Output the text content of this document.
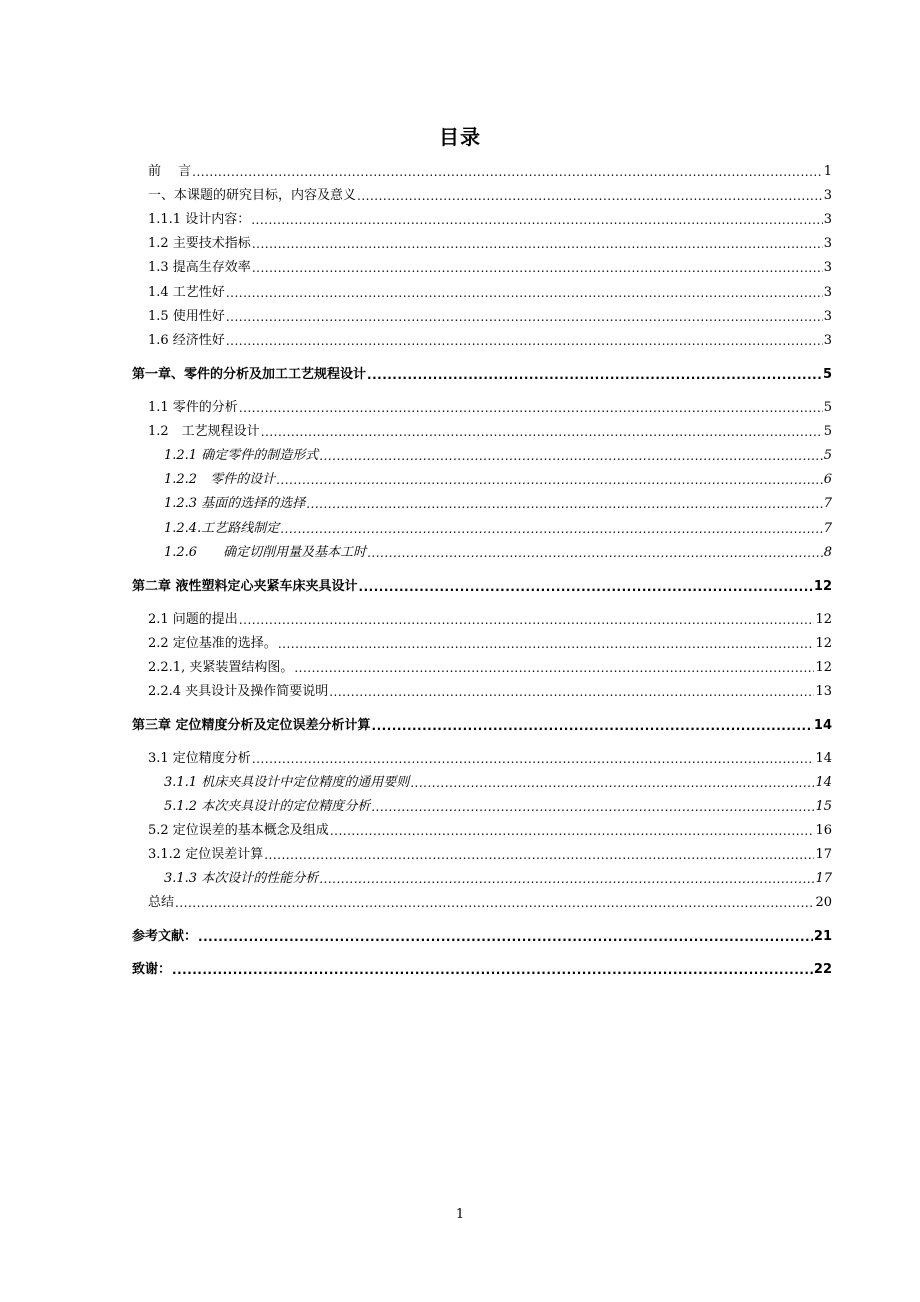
目录
前　 言 .....	1
一、本课题的研究目标，内容及意义 .....	3
1.1.1 设计内容： .....	3
1.2 主要技术指标 .....	3
1.3 提高生存效率 .....	3
1.4 工艺性好 .....	3
1.5 使用性好 .....	3
1.6 经济性好 .....	3
第一章、零件的分析及加工工艺规程设计 .....	5
1.1 零件的分析 .....	5
1.2　工艺规程设计 .....	5
1.2.1 确定零件的制造形式 .....	5
1.2.2　零件的设计 .....	6
1.2.3 基面的选择的选择 .....	7
1.2.4.工艺路线制定 .....	7
1.2.6　　确定切削用量及基本工时 .....	8
第二章 液性塑料定心夹紧车床夹具设计 .....	12
2.1 问题的提出 .....	12
2.2 定位基准的选择。 .....	12
2.2.1, 夹紧装置结构图。 .....	12
2.2.4 夹具设计及操作简要说明 .....	13
第三章 定位精度分析及定位误差分析计算 .....	14
3.1 定位精度分析 .....	14
3.1.1 机床夹具设计中定位精度的通用要则 .....	14
5.1.2 本次夹具设计的定位精度分析 .....	15
5.2 定位误差的基本概念及组成 .....	16
3.1.2 定位误差计算 .....	17
3.1.3 本次设计的性能分析 .....	17
总结 .....	20
参考文献： .....	21
致谢： .....	22
1
